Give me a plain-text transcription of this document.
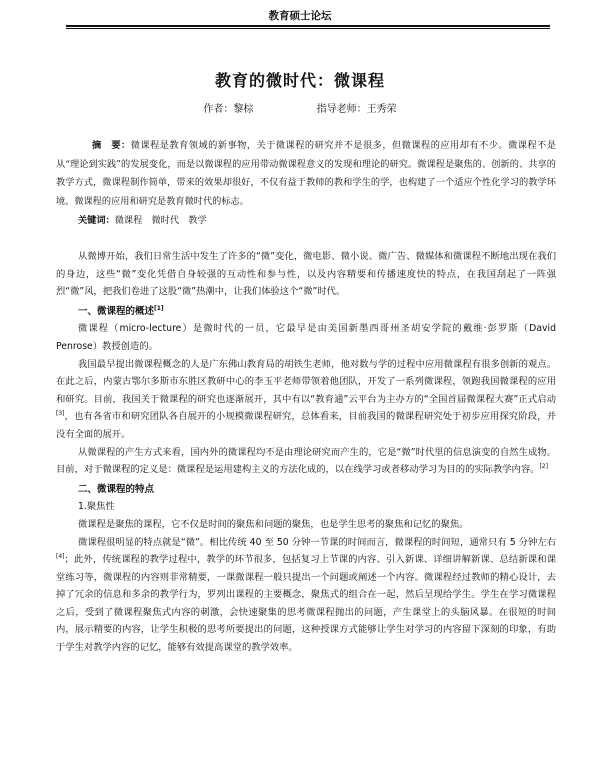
教育硕士论坛
教育的微时代：微课程
作者：黎棕	指导老师：王秀荣
摘　要：微课程是教育领域的新事物，关于微课程的研究并不是很多，但微课程的应用却有不少。微课程不是从“理论到实践”的发展变化，而是以微课程的应用带动微课程意义的发现和理论的研究。微课程是聚焦的、创新的、共享的教学方式，微课程制作简单，带来的效果却很好，不仅有益于教师的教和学生的学，也构建了一个适应个性化学习的教学环境。微课程的应用和研究是教育微时代的标志。
关键词：微课程　微时代　教学

从微博开始，我们日常生活中发生了许多的“微”变化，微电影、微小说、微广告、微媒体和微课程不断地出现在我们的身边，这些“微”变化凭借自身较强的互动性和参与性，以及内容精要和传播速度快的特点，在我国刮起了一阵强烈“微”风，把我们卷进了这股“微”热潮中，让我们体验这个“微”时代。

一、微课程的概述[1]

微课程（micro-lecture）是微时代的一员，它最早是由美国新墨西哥州圣胡安学院的戴维·彭罗斯（David Penrose）教授创造的。

我国最早提出微课程概念的人是广东佛山教育局的胡铁生老师，他对数与学的过程中应用微课程有很多创新的观点。在此之后，内蒙古鄂尔多斯市东胜区教研中心的李玉平老师带领着他团队，开发了一系列微课程，领跑我国微课程的应用和研究。目前，我国关于微课程的研究也逐渐展开，其中有以“教育通”云平台为主办方的“全国首届微课程大赛”正式启动[3]，也有各省市和研究团队各自展开的小规模微课程研究，总体看来，目前我国的微课程研究处于初步应用探究阶段，并没有全面的展开。

从微课程的产生方式来看，国内外的微课程均不是由理论研究而产生的，它是“微”时代里的信息演变的自然生成物。目前，对于微课程的定义是：微课程是运用建构主义的方法化成的，以在线学习或者移动学习为目的的实际教学内容。[2]

二、微课程的特点
1.聚焦性

微课程是聚焦的课程，它不仅是时间的聚焦和问题的聚焦，也是学生思考的聚焦和记忆的聚焦。

微课程很明显的特点就是“微”。相比传统 40 至 50 分钟一节课的时间而言，微课程的时间短，通常只有 5 分钟左右[4]；此外，传统课程的教学过程中，教学的环节很多，包括复习上节课的内容、引入新课、详细讲解新课、总结新课和课堂练习等，微课程的内容则非常精要，一课微课程一般只提出一个问题或阐述一个内容。微课程经过教师的精心设计，去掉了冗余的信息和多余的教学行为，罗列出课程的主要概念，聚焦式的组合在一起，然后呈现给学生。学生在学习微课程之后，受到了微课程聚焦式内容的刺激，会快速聚集的思考微课程抛出的问题，产生课堂上的头脑风暴。在很短的时间内，展示精要的内容，让学生积极的思考所要提出的问题，这种授课方式能够让学生对学习的内容留下深刻的印象，有助于学生对教学内容的记忆，能够有效提高课堂的教学效率。
